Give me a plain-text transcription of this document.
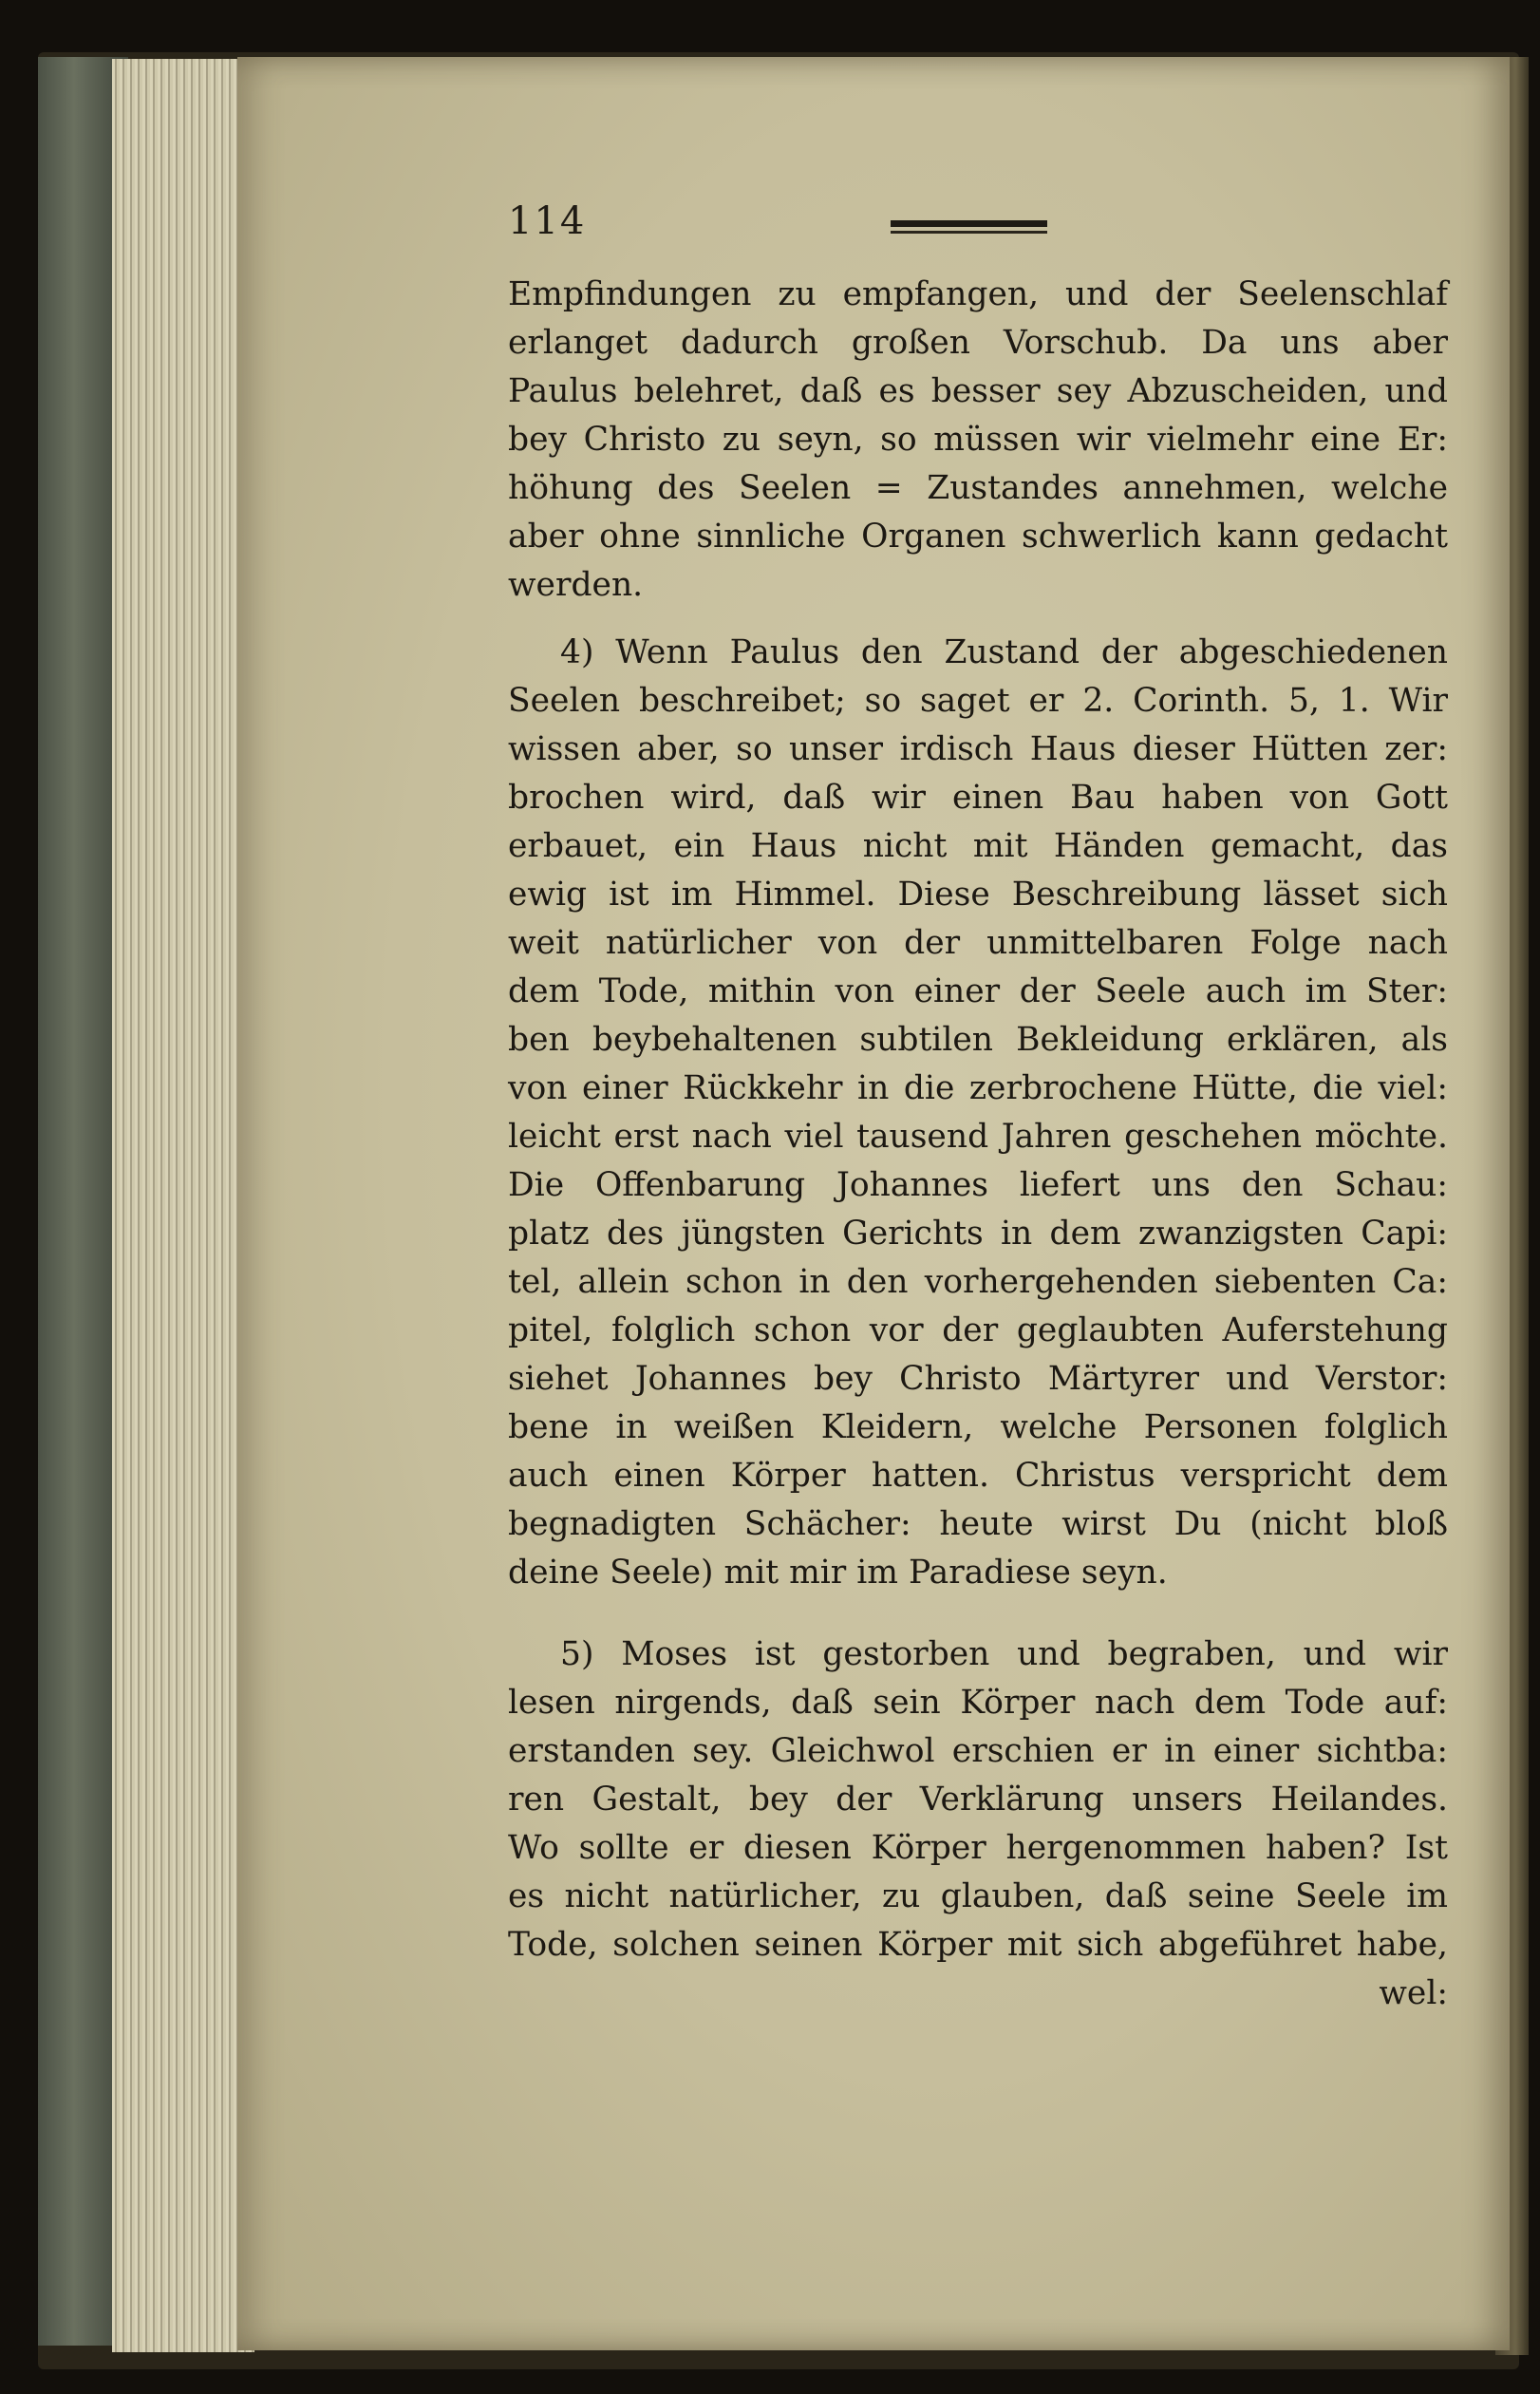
114
Empfindungen zu empfangen, und der Seelenschlaf
erlanget dadurch großen Vorschub. Da uns aber
Paulus belehret, daß es besser sey Abzuscheiden, und
bey Christo zu seyn, so müssen wir vielmehr eine Er:
höhung des Seelen = Zustandes annehmen, welche
aber ohne sinnliche Organen schwerlich kann gedacht
werden.
4) Wenn Paulus den Zustand der abgeschiedenen
Seelen beschreibet; so saget er 2. Corinth. 5, 1. Wir
wissen aber, so unser irdisch Haus dieser Hütten zer:
brochen wird, daß wir einen Bau haben von Gott
erbauet, ein Haus nicht mit Händen gemacht, das
ewig ist im Himmel. Diese Beschreibung lässet sich
weit natürlicher von der unmittelbaren Folge nach
dem Tode, mithin von einer der Seele auch im Ster:
ben beybehaltenen subtilen Bekleidung erklären, als
von einer Rückkehr in die zerbrochene Hütte, die viel:
leicht erst nach viel tausend Jahren geschehen möchte.
Die Offenbarung Johannes liefert uns den Schau:
platz des jüngsten Gerichts in dem zwanzigsten Capi:
tel, allein schon in den vorhergehenden siebenten Ca:
pitel, folglich schon vor der geglaubten Auferstehung
siehet Johannes bey Christo Märtyrer und Verstor:
bene in weißen Kleidern, welche Personen folglich
auch einen Körper hatten. Christus verspricht dem
begnadigten Schächer: heute wirst Du (nicht bloß
deine Seele) mit mir im Paradiese seyn.
5) Moses ist gestorben und begraben, und wir
lesen nirgends, daß sein Körper nach dem Tode auf:
erstanden sey. Gleichwol erschien er in einer sichtba:
ren Gestalt, bey der Verklärung unsers Heilandes.
Wo sollte er diesen Körper hergenommen haben? Ist
es nicht natürlicher, zu glauben, daß seine Seele im
Tode, solchen seinen Körper mit sich abgeführet habe,
wel:
